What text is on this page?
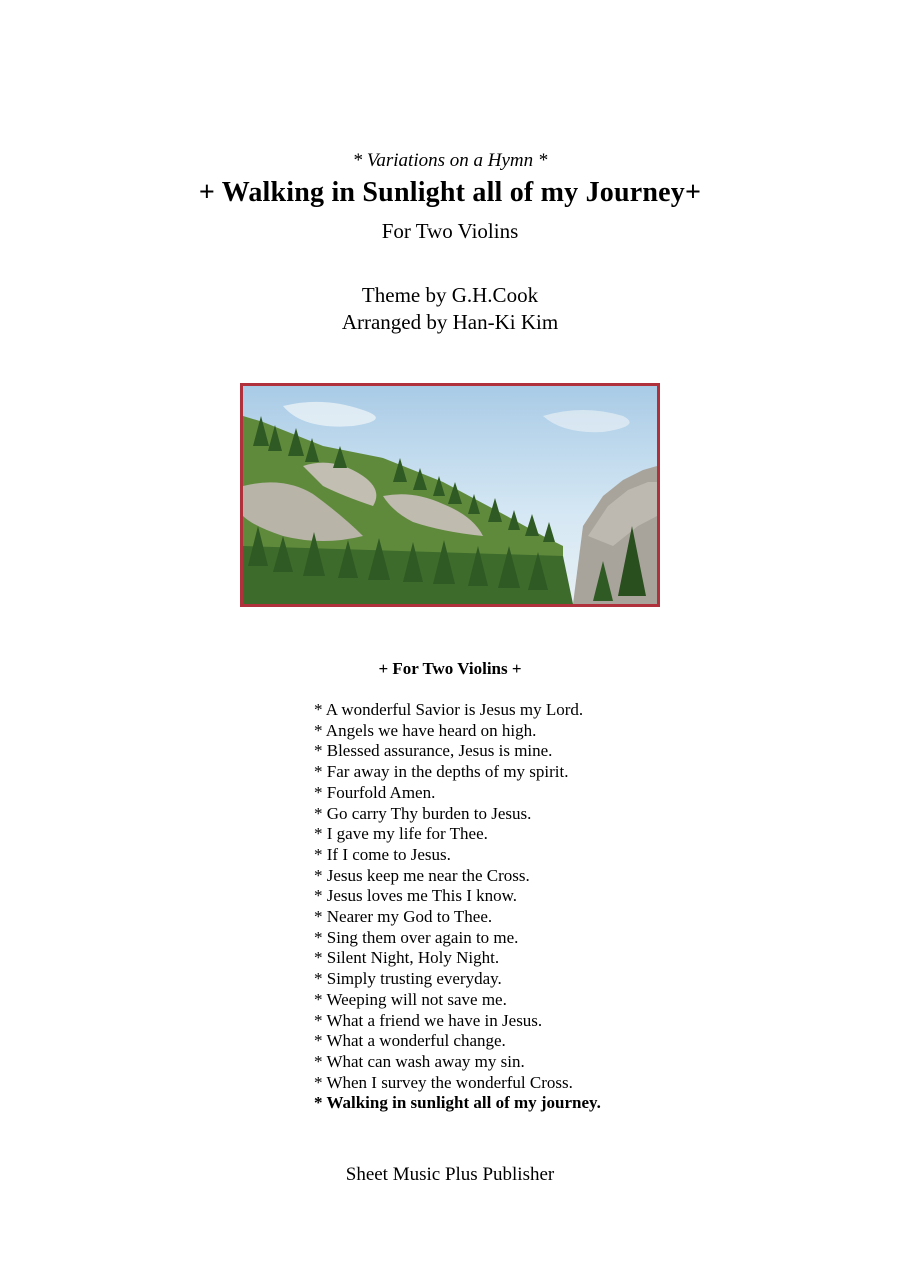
* Variations on a Hymn *
+ Walking in Sunlight all of my Journey+
For Two Violins
Theme by G.H.Cook
Arranged by Han-Ki Kim
+ For Two Violins +
* A wonderful Savior is Jesus my Lord.
* Angels we have heard on high.
* Blessed assurance, Jesus is mine.
* Far away in the depths of my spirit.
* Fourfold Amen.
* Go carry Thy burden to Jesus.
* I gave my life for Thee.
* If I come to Jesus.
* Jesus keep me near the Cross.
* Jesus loves me This I know.
* Nearer my God to Thee.
* Sing them over again to me.
* Silent Night, Holy Night.
* Simply trusting everyday.
* Weeping will not save me.
* What a friend we have in Jesus.
* What a wonderful change.
* What can wash away my sin.
* When I survey the wonderful Cross.
* Walking in sunlight all of my journey.
Sheet Music Plus Publisher
